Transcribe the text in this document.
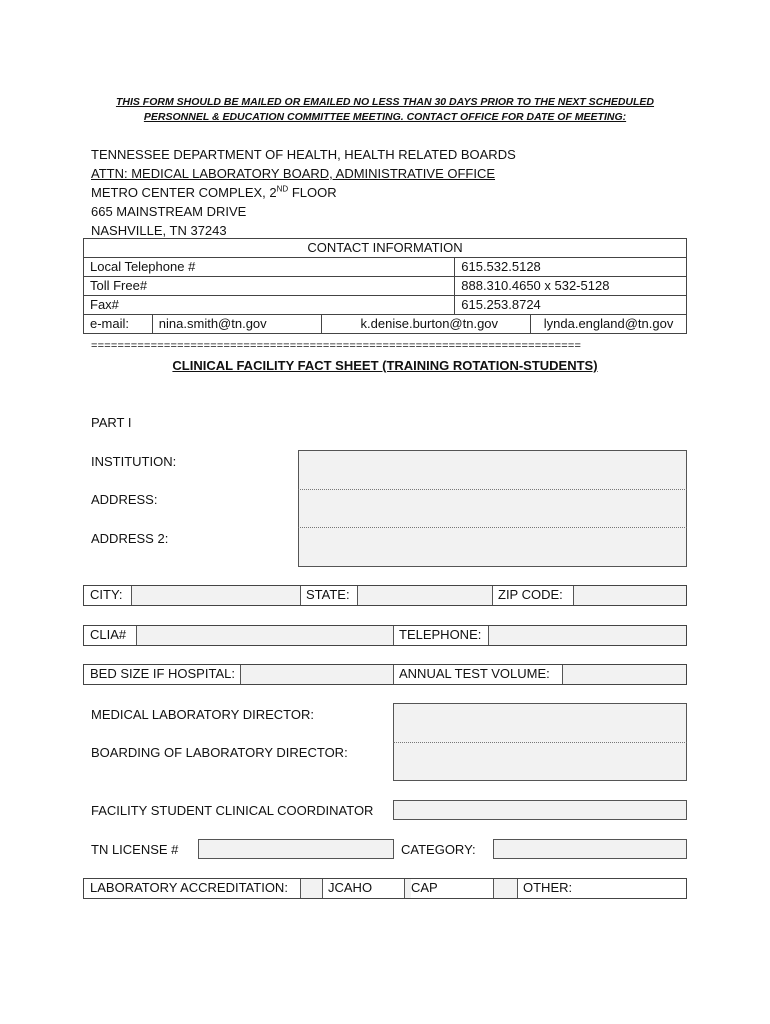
THIS FORM SHOULD BE MAILED OR EMAILED NO LESS THAN 30 DAYS PRIOR TO THE NEXT SCHEDULED
PERSONNEL & EDUCATION COMMITTEE MEETING. CONTACT OFFICE FOR DATE OF MEETING:
TENNESSEE DEPARTMENT OF HEALTH, HEALTH RELATED BOARDS
ATTN: MEDICAL LABORATORY BOARD, ADMINISTRATIVE OFFICE
METRO CENTER COMPLEX, 2ND FLOOR
665 MAINSTREAM DRIVE
NASHVILLE, TN 37243
CONTACT INFORMATION				
Local Telephone #			615.532.5128	
Toll Free#			888.310.4650 x 532-5128	
Fax#			615.253.8724	
e-mail:	nina.smith@tn.gov	k.denise.burton@tn.gov		lynda.england@tn.gov
==========================================================================
CLINICAL FACILITY FACT SHEET (TRAINING ROTATION-STUDENTS)
PART I
INSTITUTION:
ADDRESS:
ADDRESS 2:
CITY:	STATE:	ZIP CODE:
CLIA#	TELEPHONE:
BED SIZE IF HOSPITAL:	ANNUAL TEST VOLUME:
MEDICAL LABORATORY DIRECTOR:
BOARDING OF LABORATORY DIRECTOR:
FACILITY STUDENT CLINICAL COORDINATOR
TN LICENSE #	CATEGORY:
LABORATORY ACCREDITATION:	JCAHO	CAP	OTHER:
